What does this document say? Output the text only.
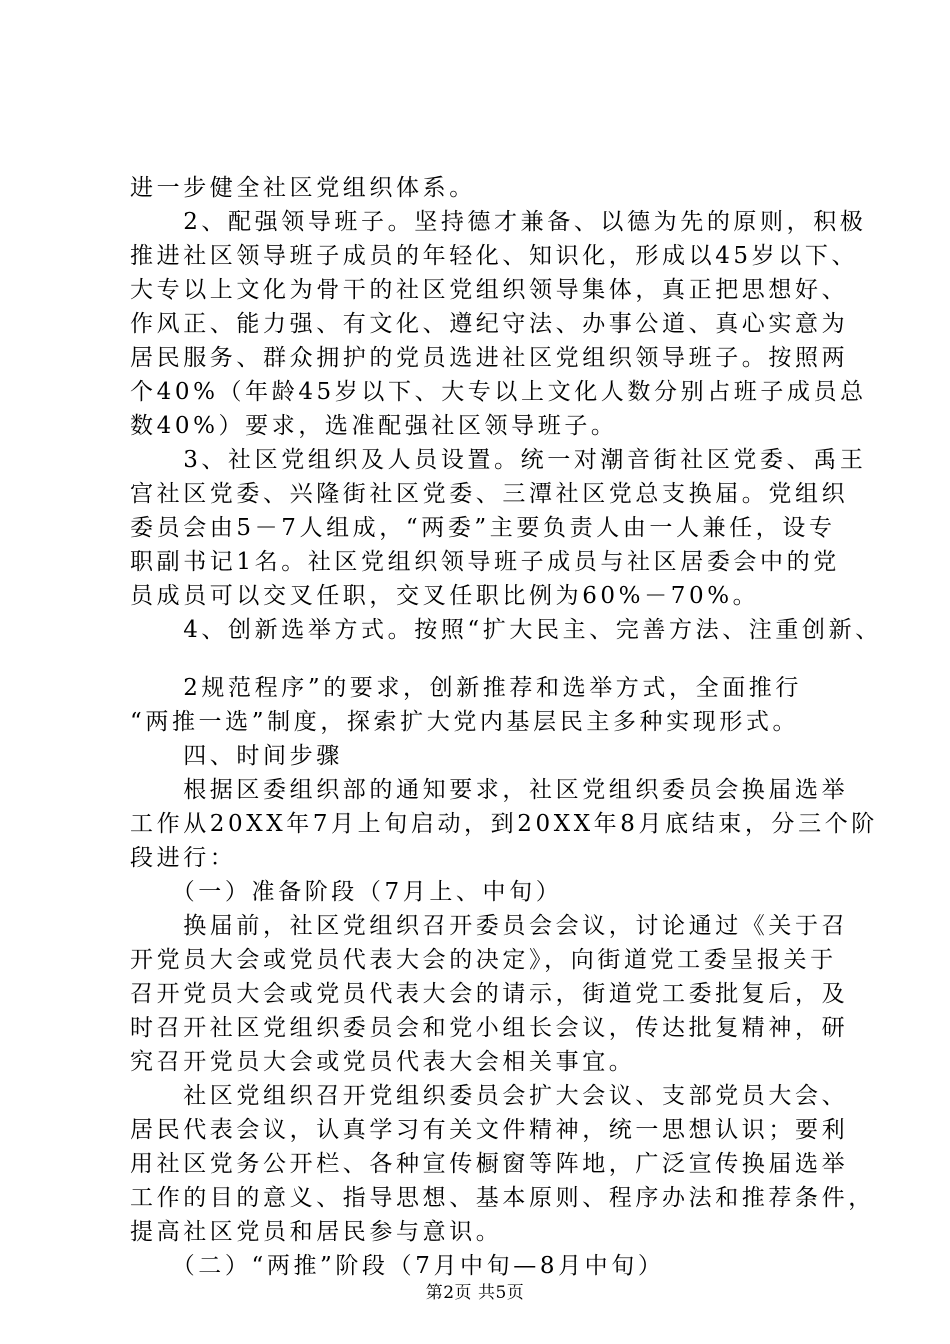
进一步健全社区党组织体系。
　　2、配强领导班子。坚持德才兼备、以德为先的原则，积极
推进社区领导班子成员的年轻化、知识化，形成以45岁以下、
大专以上文化为骨干的社区党组织领导集体，真正把思想好、
作风正、能力强、有文化、遵纪守法、办事公道、真心实意为
居民服务、群众拥护的党员选进社区党组织领导班子。按照两
个40%（年龄45岁以下、大专以上文化人数分别占班子成员总
数40%）要求，选准配强社区领导班子。
　　3、社区党组织及人员设置。统一对潮音街社区党委、禹王
宫社区党委、兴隆街社区党委、三潭社区党总支换届。党组织
委员会由5－7人组成，“两委”主要负责人由一人兼任，设专
职副书记1名。社区党组织领导班子成员与社区居委会中的党
员成员可以交叉任职，交叉任职比例为60%－70%。
　　4、创新选举方式。按照“扩大民主、完善方法、注重创新、
　　2规范程序”的要求，创新推荐和选举方式，全面推行
“两推一选”制度，探索扩大党内基层民主多种实现形式。
　　四、时间步骤
　　根据区委组织部的通知要求，社区党组织委员会换届选举
工作从20XX年7月上旬启动，到20XX年8月底结束，分三个阶
段进行：
　　（一）准备阶段（7月上、中旬）
　　换届前，社区党组织召开委员会会议，讨论通过《关于召
开党员大会或党员代表大会的决定》，向街道党工委呈报关于
召开党员大会或党员代表大会的请示，街道党工委批复后，及
时召开社区党组织委员会和党小组长会议，传达批复精神，研
究召开党员大会或党员代表大会相关事宜。
　　社区党组织召开党组织委员会扩大会议、支部党员大会、
居民代表会议，认真学习有关文件精神，统一思想认识；要利
用社区党务公开栏、各种宣传橱窗等阵地，广泛宣传换届选举
工作的目的意义、指导思想、基本原则、程序办法和推荐条件，
提高社区党员和居民参与意识。
　　（二）“两推”阶段（7月中旬—8月中旬）
第2页 共5页
